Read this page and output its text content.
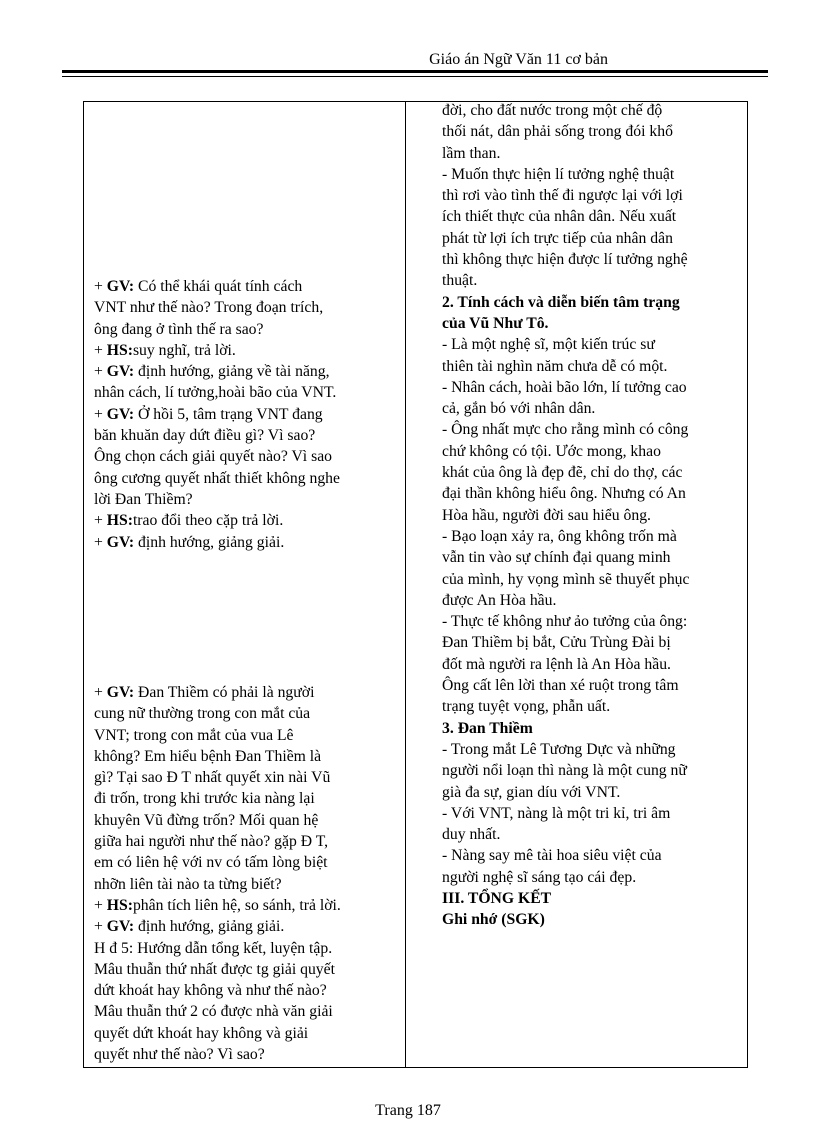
Giáo án Ngữ Văn 11 cơ bản
+ GV: Có thể khái quát tính cách
VNT như thế nào? Trong đoạn trích,
ông đang ở tình thế ra sao?
+ HS:suy nghĩ, trả lời.
+ GV: định hướng, giảng về tài năng,
nhân cách, lí tưởng,hoài bão của VNT.
+ GV: Ở hồi 5, tâm trạng VNT đang
băn khuăn day dứt điều gì? Vì sao?
Ông chọn cách giải quyết nào? Vì sao
ông cương quyết nhất thiết không nghe
lời Đan Thiềm?
+ HS:trao đổi theo cặp trả lời.
+ GV: định hướng, giảng giải.
+ GV: Đan Thiềm có phải là người
cung nữ thường trong con mắt của
VNT; trong con mắt của vua Lê
không? Em hiểu bệnh Đan Thiềm là
gì? Tại sao Đ T nhất quyết xin nài Vũ
đi trốn, trong khi trước kia nàng lại
khuyên Vũ đừng trốn? Mối quan hệ
giữa hai người như thế nào? gặp Đ T,
em có liên hệ với nv có tấm lòng biệt
nhỡn liên tài nào ta từng biết?
+ HS:phân tích liên hệ, so sánh, trả lời.
+ GV: định hướng, giảng giải.
H đ 5: Hướng dẫn tổng kết, luyện tập.
Mâu thuẫn thứ nhất được tg giải quyết
dứt khoát hay không và như thế nào?
Mâu thuẫn thứ 2 có được nhà văn giải
quyết dứt khoát hay không và giải
quyết như thế nào? Vì sao?
đời, cho đất nước trong một chế độ
thối nát, dân phải sống trong đói khổ
lầm than.
- Muốn thực hiện lí tưởng nghệ thuật
thì rơi vào tình thế đi ngược lại với lợi
ích thiết thực của nhân dân. Nếu xuất
phát từ lợi ích trực tiếp của nhân dân
thì không thực hiện được lí tưởng nghệ
thuật.
2. Tính cách và diễn biến tâm trạng
của Vũ Như Tô.
- Là một nghệ sĩ, một kiến trúc sư
thiên tài nghìn năm chưa dễ có một.
- Nhân cách, hoài bão lớn, lí tưởng cao
cả, gắn bó với nhân dân.
- Ông nhất mực cho rằng mình có công
chứ không có tội. Ước mong, khao
khát của ông là đẹp đẽ, chỉ do thợ, các
đại thần không hiểu ông. Nhưng có An
Hòa hầu, người đời sau hiểu ông.
- Bạo loạn xảy ra, ông không trốn mà
vẫn tin vào sự chính đại quang minh
của mình, hy vọng mình sẽ thuyết phục
được An Hòa hầu.
- Thực tế không như ảo tưởng của ông:
Đan Thiềm bị bắt, Cửu Trùng Đài bị
đốt mà người ra lệnh là An Hòa hầu.
Ông cất lên lời than xé ruột trong tâm
trạng tuyệt vọng, phẫn uất.
3. Đan Thiềm
- Trong mắt Lê Tương Dực và những
người nổi loạn thì nàng là một cung nữ
già đa sự, gian díu với VNT.
- Với VNT, nàng là một tri kỉ, tri âm
duy nhất.
- Nàng say mê tài hoa siêu việt của
người nghệ sĩ sáng tạo cái đẹp.
III. TỔNG KẾT
Ghi nhớ (SGK)
Trang 187
